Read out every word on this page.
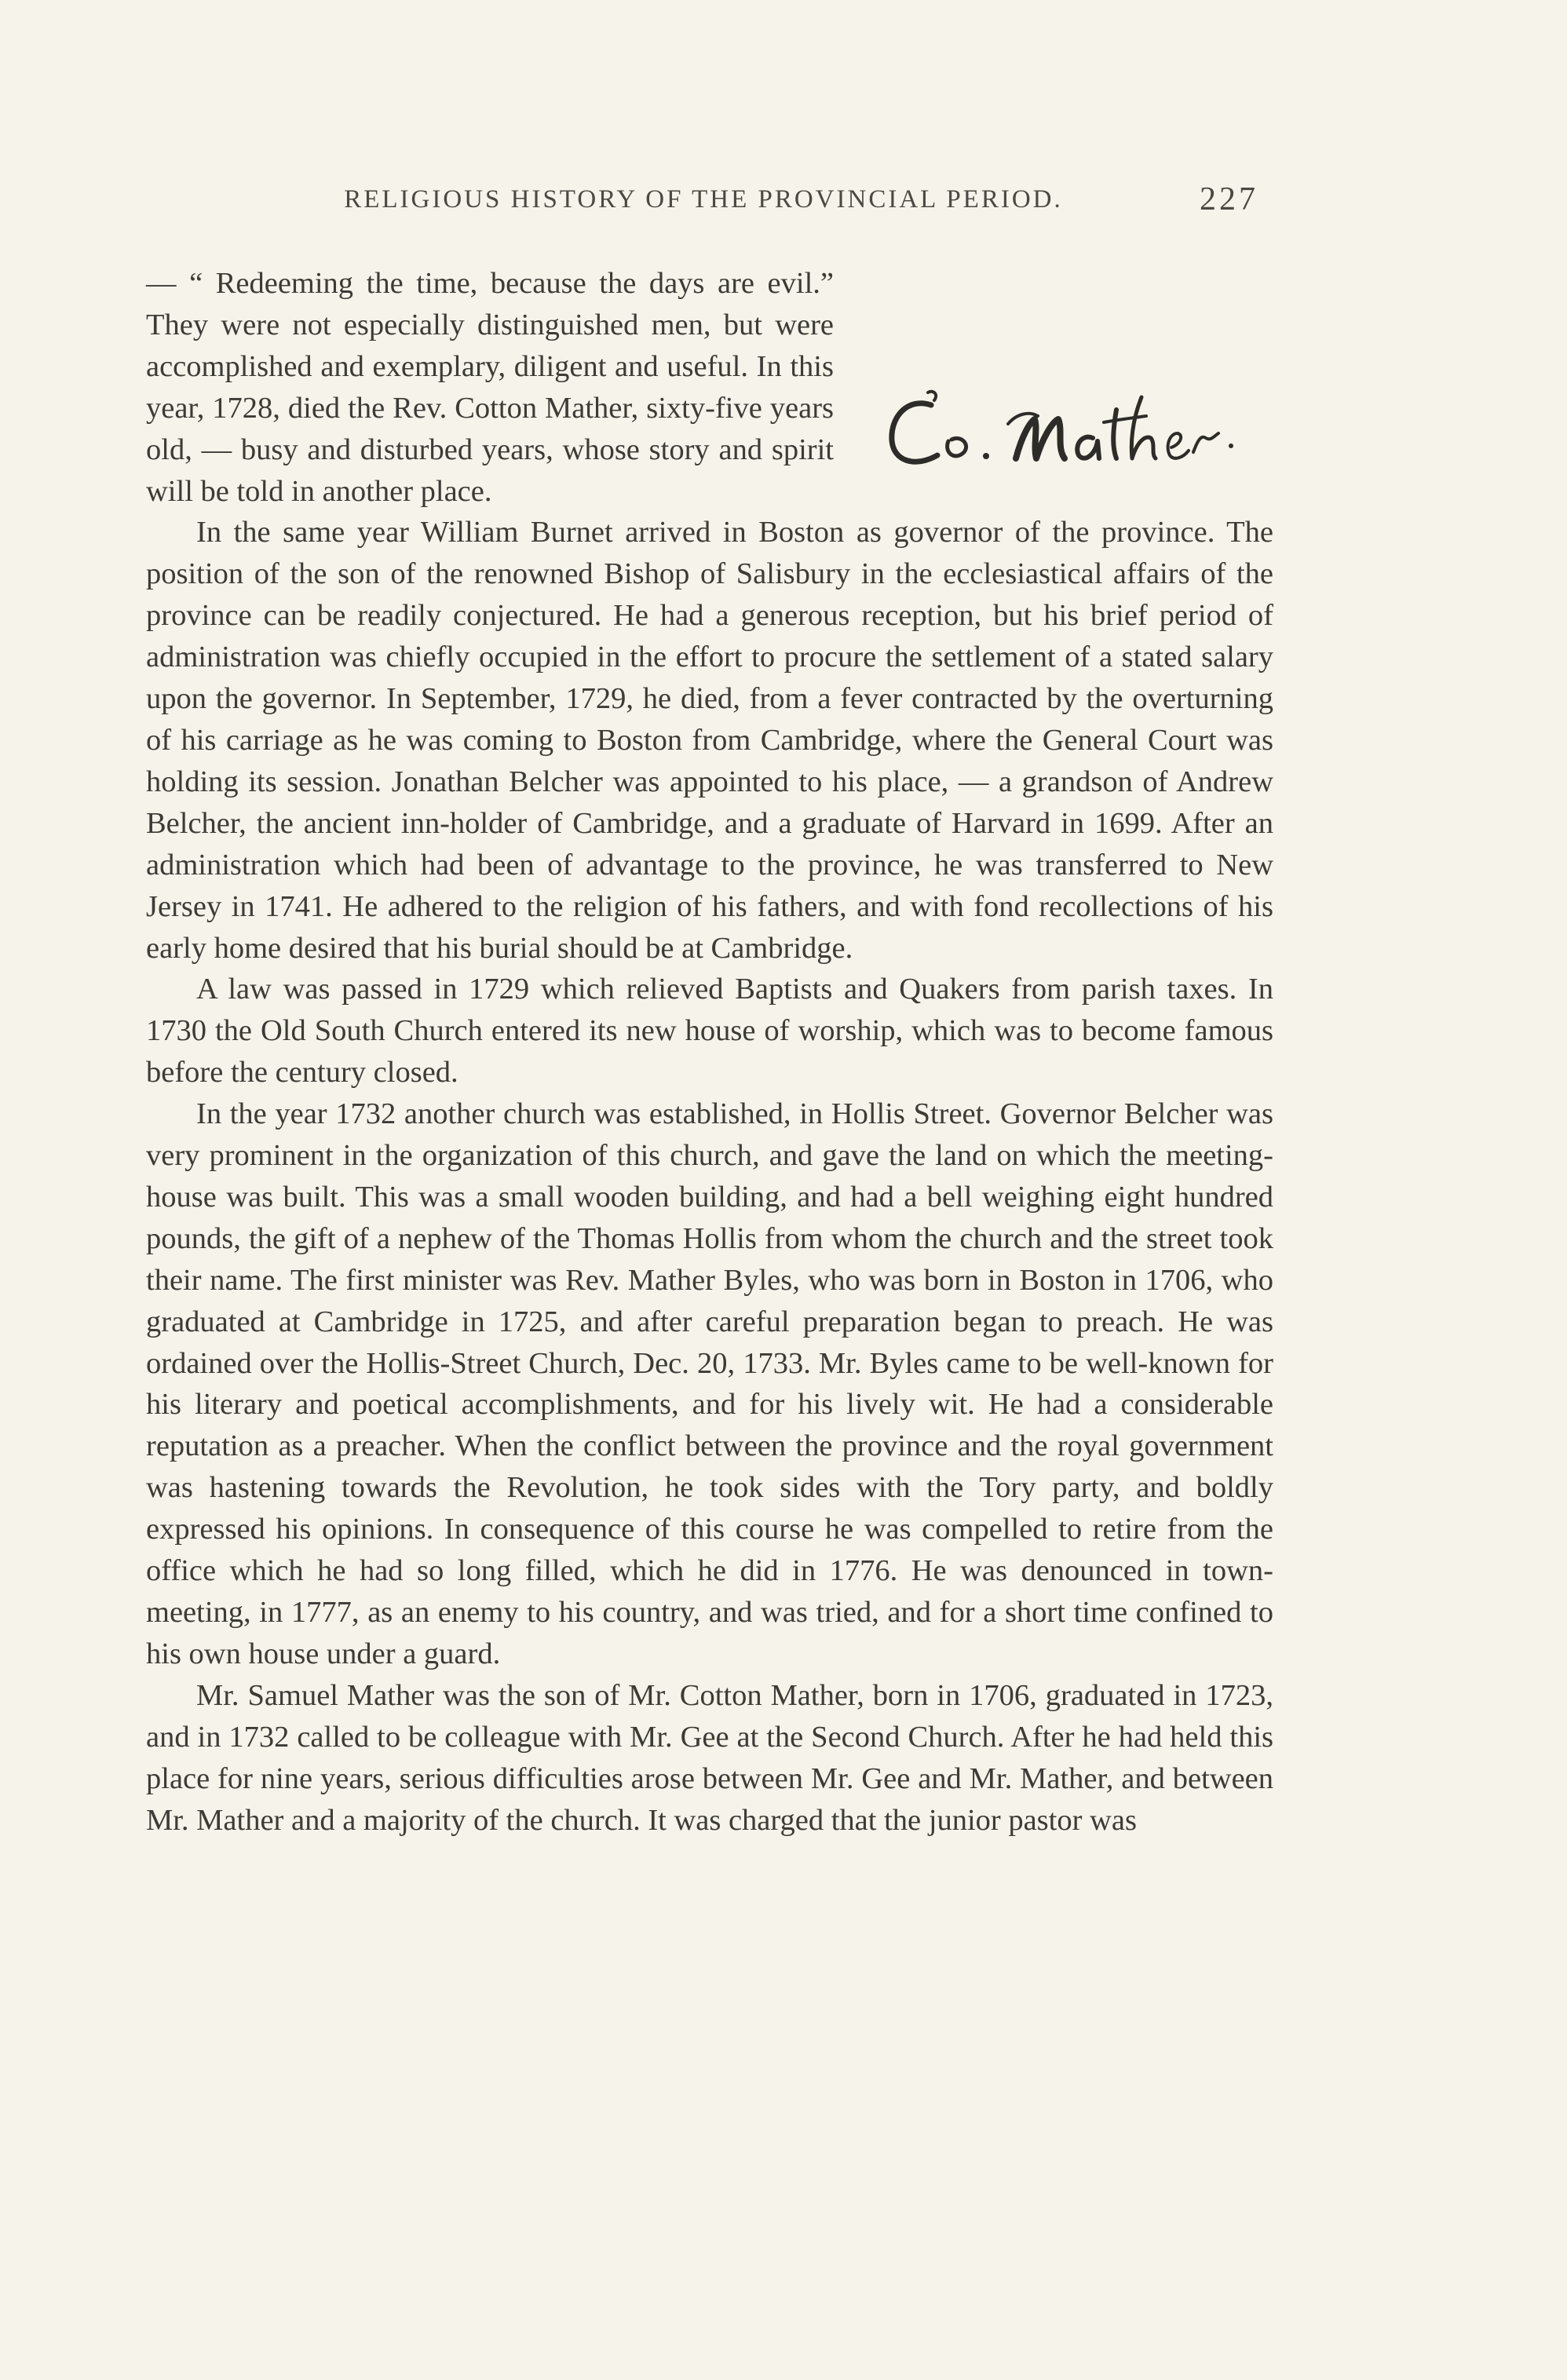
RELIGIOUS HISTORY OF THE PROVINCIAL PERIOD.	227

— “ Redeeming the time, because the days are evil.” They were not especially distinguished men, but were accomplished and exemplary, diligent and useful. In this year, 1728, died the Rev. Cotton Mather, sixty-five years old, — busy and disturbed years, whose story and spirit will be told in another place.

In the same year William Burnet arrived in Boston as governor of the province. The position of the son of the renowned Bishop of Salisbury in the ecclesiastical affairs of the province can be readily conjectured. He had a generous reception, but his brief period of administration was chiefly occupied in the effort to procure the settlement of a stated salary upon the governor. In September, 1729, he died, from a fever contracted by the overturning of his carriage as he was coming to Boston from Cambridge, where the General Court was holding its session. Jonathan Belcher was appointed to his place, — a grandson of Andrew Belcher, the ancient inn-holder of Cambridge, and a graduate of Harvard in 1699. After an administration which had been of advantage to the province, he was transferred to New Jersey in 1741. He adhered to the religion of his fathers, and with fond recollections of his early home desired that his burial should be at Cambridge.

A law was passed in 1729 which relieved Baptists and Quakers from parish taxes. In 1730 the Old South Church entered its new house of worship, which was to become famous before the century closed.

In the year 1732 another church was established, in Hollis Street. Governor Belcher was very prominent in the organization of this church, and gave the land on which the meeting-house was built. This was a small wooden building, and had a bell weighing eight hundred pounds, the gift of a nephew of the Thomas Hollis from whom the church and the street took their name. The first minister was Rev. Mather Byles, who was born in Boston in 1706, who graduated at Cambridge in 1725, and after careful preparation began to preach. He was ordained over the Hollis-Street Church, Dec. 20, 1733. Mr. Byles came to be well-known for his literary and poetical accomplishments, and for his lively wit. He had a considerable reputation as a preacher. When the conflict between the province and the royal government was hastening towards the Revolution, he took sides with the Tory party, and boldly expressed his opinions. In consequence of this course he was compelled to retire from the office which he had so long filled, which he did in 1776. He was denounced in town-meeting, in 1777, as an enemy to his country, and was tried, and for a short time confined to his own house under a guard.

Mr. Samuel Mather was the son of Mr. Cotton Mather, born in 1706, graduated in 1723, and in 1732 called to be colleague with Mr. Gee at the Second Church. After he had held this place for nine years, serious difficulties arose between Mr. Gee and Mr. Mather, and between Mr. Mather and a majority of the church. It was charged that the junior pastor was
